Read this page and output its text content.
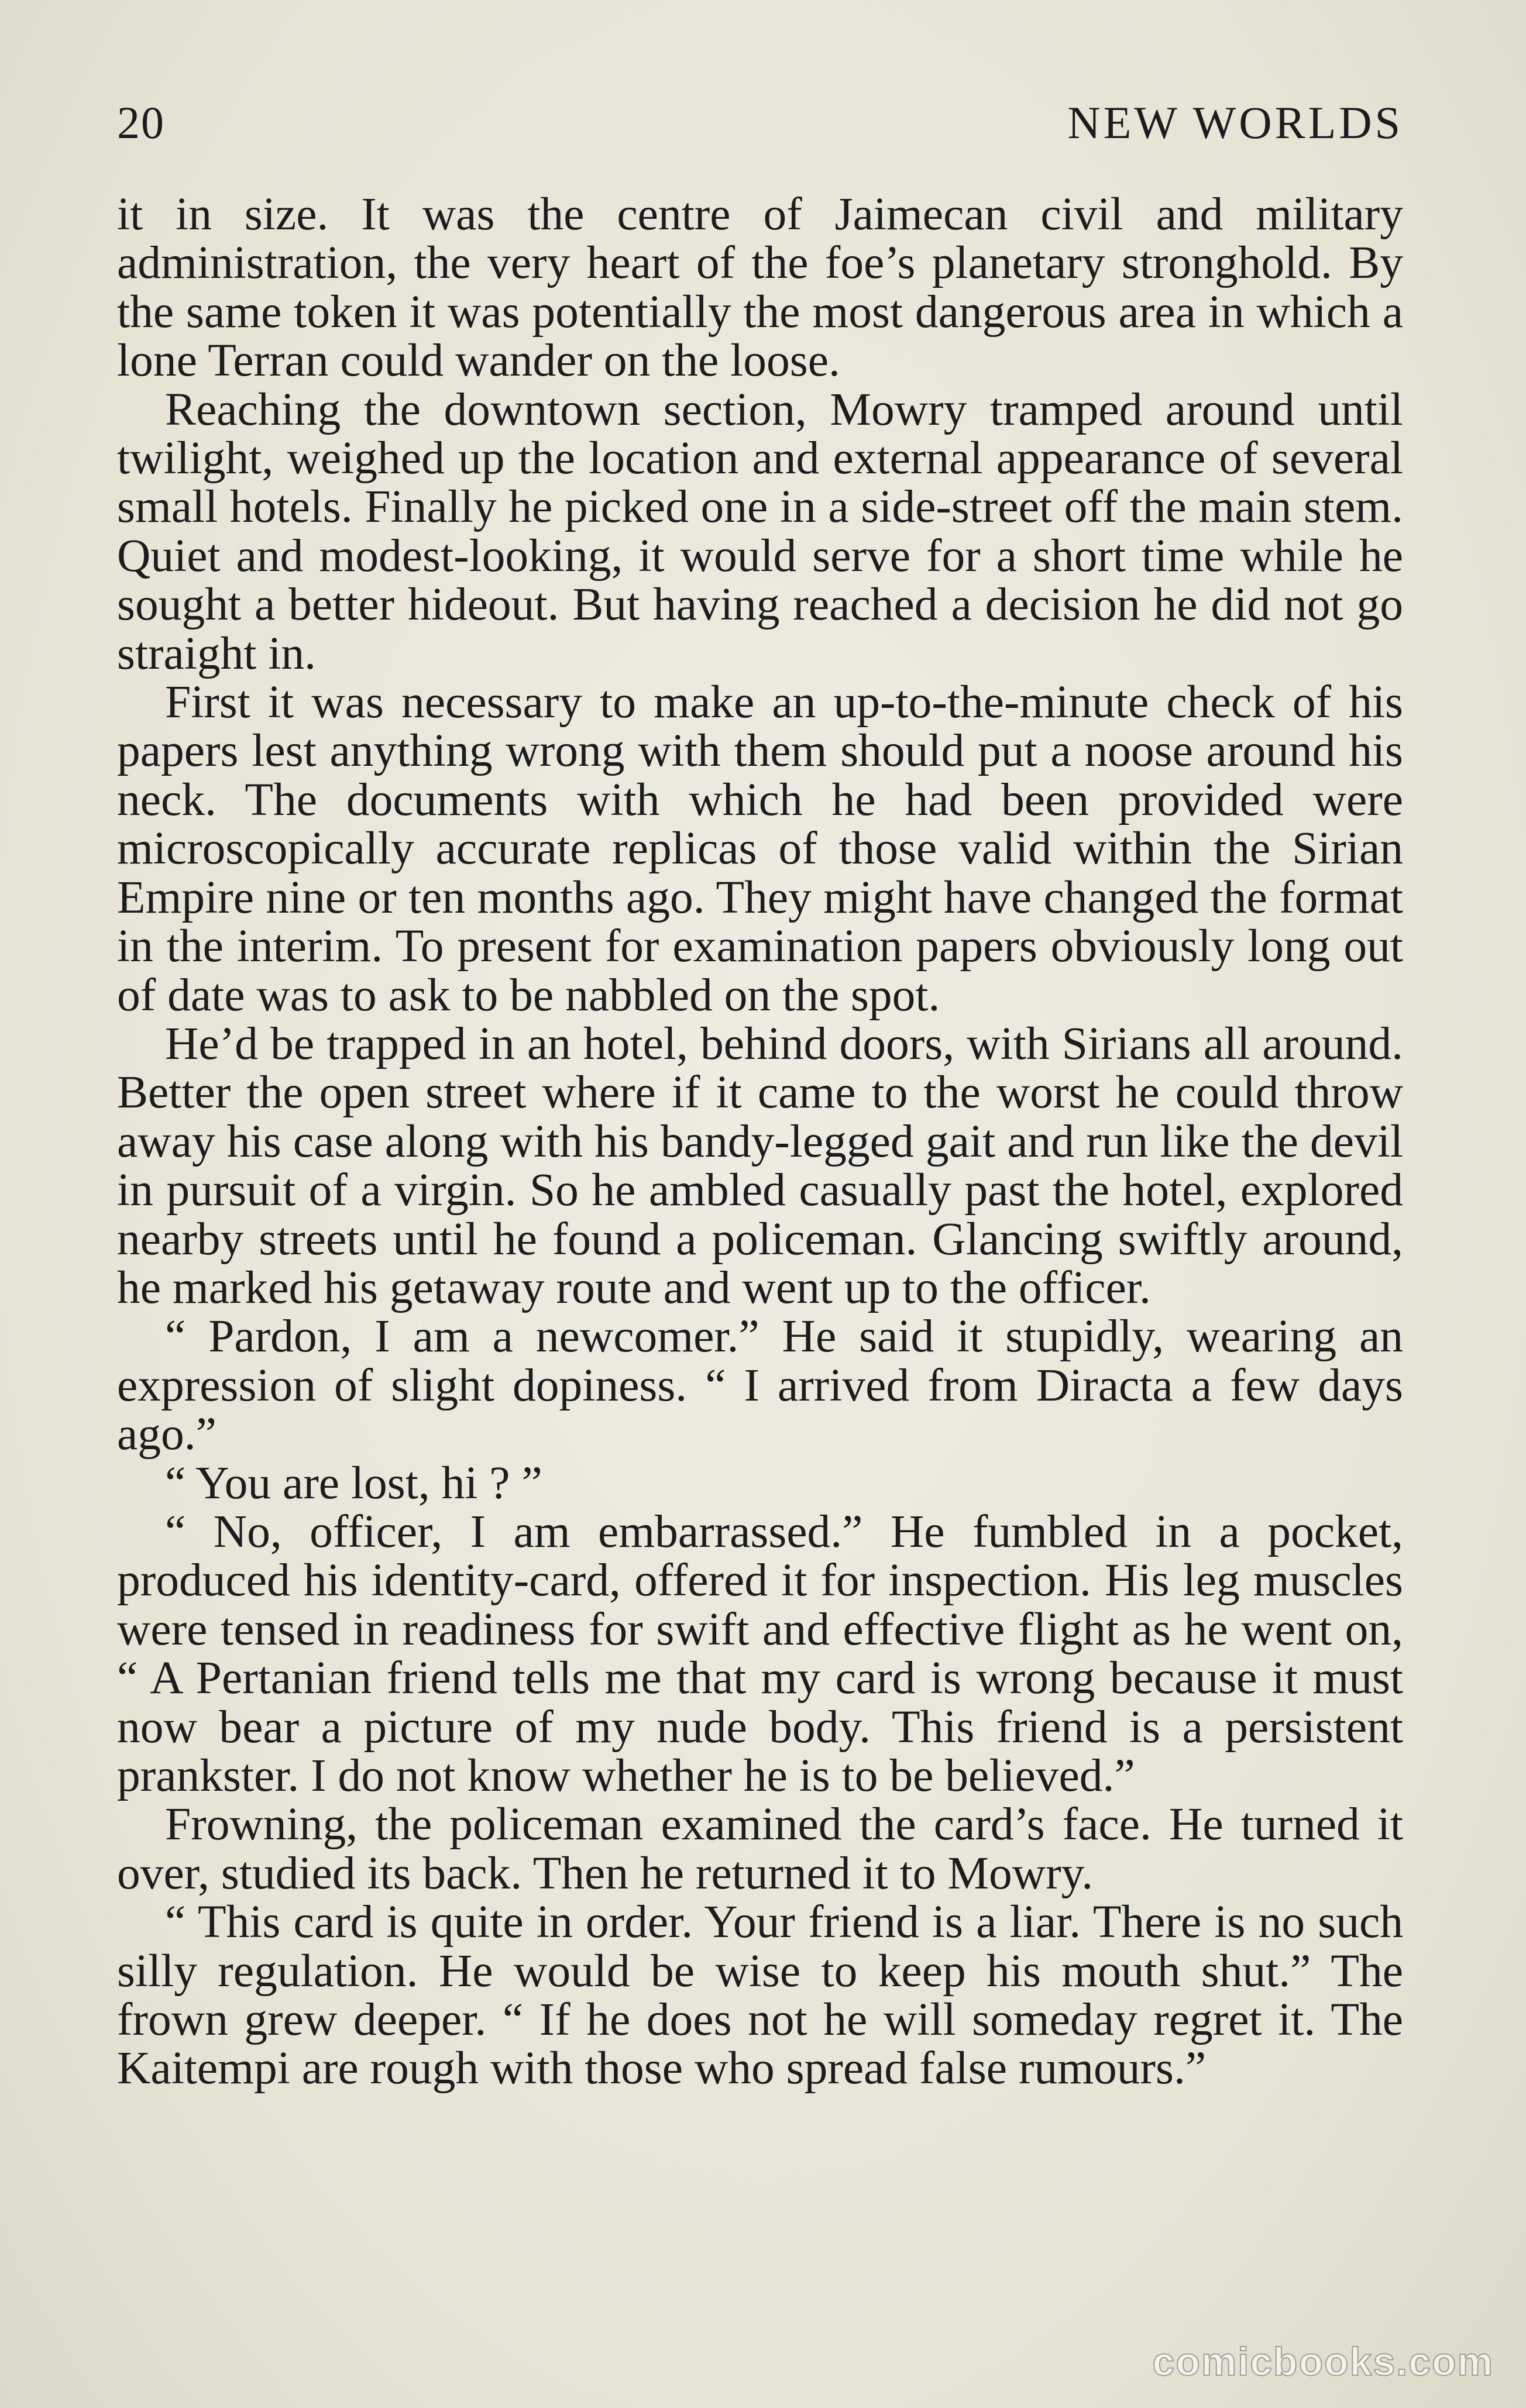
20	NEW WORLDS

it in size. It was the centre of Jaimecan civil and military administration, the very heart of the foe’s planetary stronghold. By the same token it was potentially the most dangerous area in which a lone Terran could wander on the loose.

Reaching the downtown section, Mowry tramped around until twilight, weighed up the location and external appearance of several small hotels. Finally he picked one in a side-street off the main stem. Quiet and modest-looking, it would serve for a short time while he sought a better hideout. But having reached a decision he did not go straight in.

First it was necessary to make an up-to-the-minute check of his papers lest anything wrong with them should put a noose around his neck. The documents with which he had been provided were microscopically accurate replicas of those valid within the Sirian Empire nine or ten months ago. They might have changed the format in the interim. To present for examination papers obviously long out of date was to ask to be nabbled on the spot.

He’d be trapped in an hotel, behind doors, with Sirians all around. Better the open street where if it came to the worst he could throw away his case along with his bandy-legged gait and run like the devil in pursuit of a virgin. So he ambled casually past the hotel, explored nearby streets until he found a policeman. Glancing swiftly around, he marked his getaway route and went up to the officer.

“ Pardon, I am a newcomer.” He said it stupidly, wearing an expression of slight dopiness. “ I arrived from Diracta a few days ago.”

“ You are lost, hi ? ”

“ No, officer, I am embarrassed.” He fumbled in a pocket, produced his identity-card, offered it for inspection. His leg muscles were tensed in readiness for swift and effective flight as he went on, “ A Pertanian friend tells me that my card is wrong because it must now bear a picture of my nude body. This friend is a persistent prankster. I do not know whether he is to be believed.”

Frowning, the policeman examined the card’s face. He turned it over, studied its back. Then he returned it to Mowry.

“ This card is quite in order. Your friend is a liar. There is no such silly regulation. He would be wise to keep his mouth shut.” The frown grew deeper. “ If he does not he will someday regret it. The Kaitempi are rough with those who spread false rumours.”

comicbooks.com
